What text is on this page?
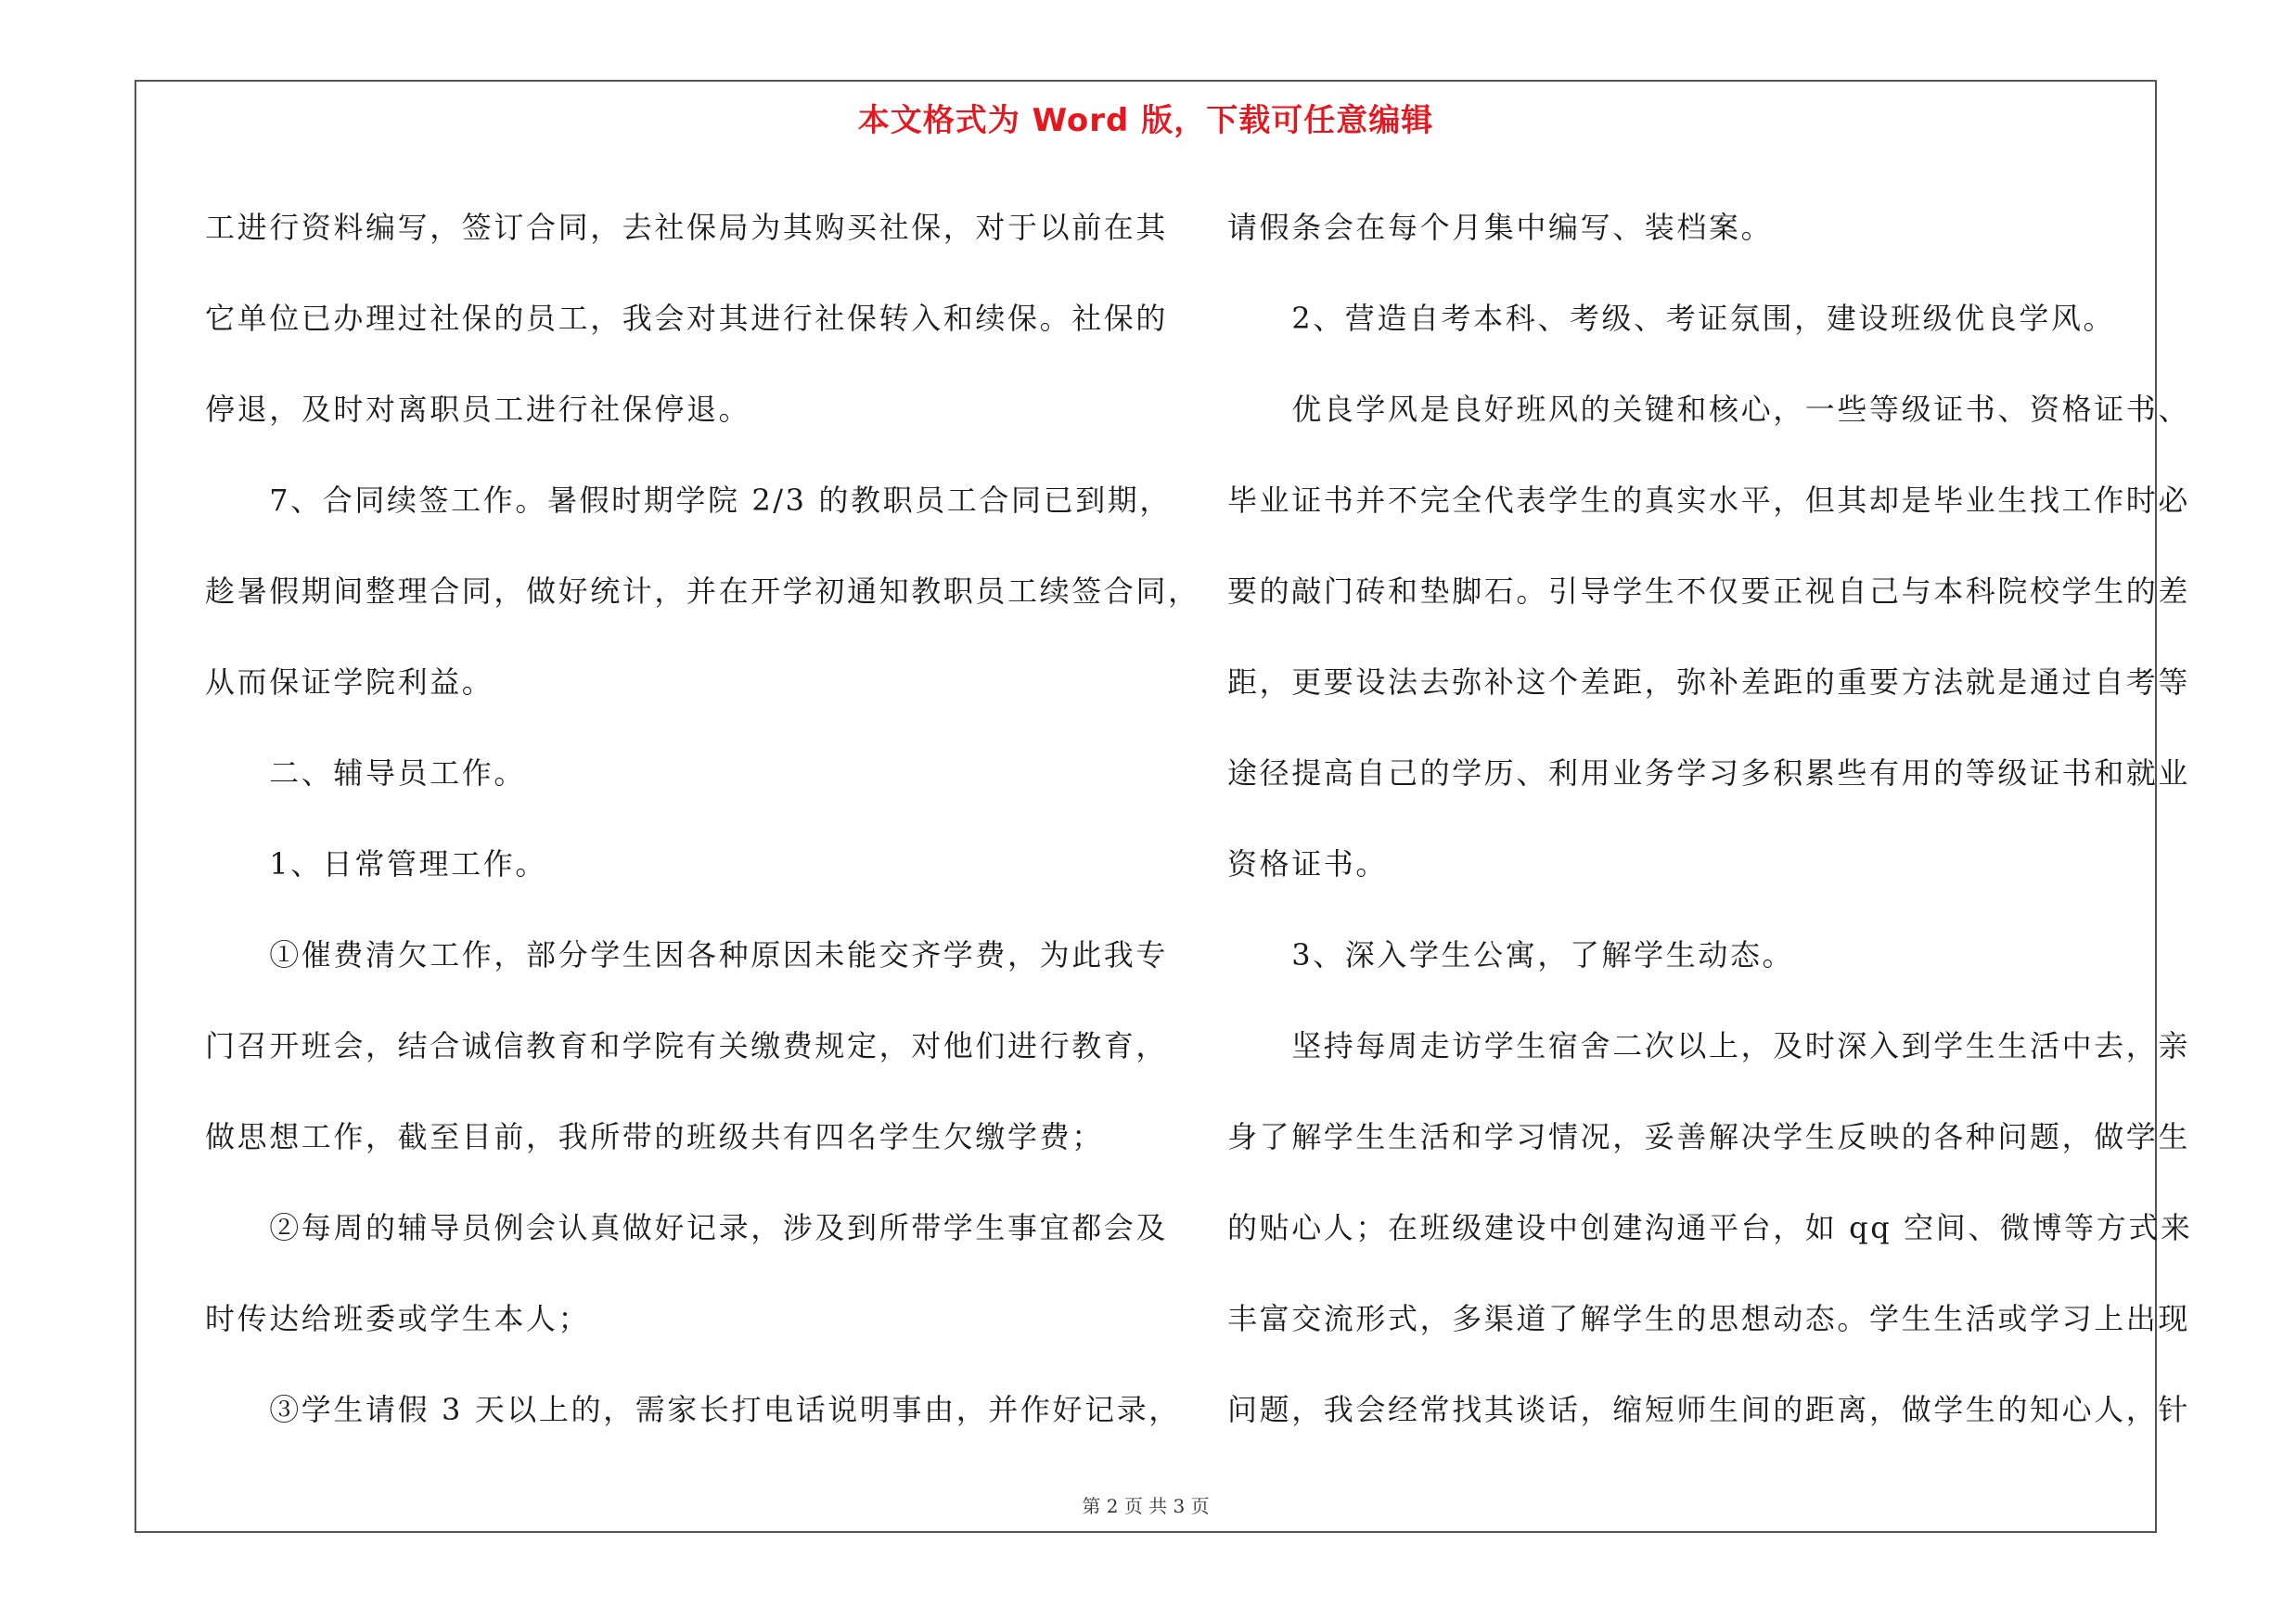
本文格式为 Word 版，下载可任意编辑
工进行资料编写，签订合同，去社保局为其购买社保，对于以前在其
它单位已办理过社保的员工，我会对其进行社保转入和续保。社保的
停退，及时对离职员工进行社保停退。
　　7、合同续签工作。暑假时期学院 2/3 的教职员工合同已到期，
趁暑假期间整理合同，做好统计，并在开学初通知教职员工续签合同，
从而保证学院利益。
　　二、辅导员工作。
　　1、日常管理工作。
　　①催费清欠工作，部分学生因各种原因未能交齐学费，为此我专
门召开班会，结合诚信教育和学院有关缴费规定，对他们进行教育，
做思想工作，截至目前，我所带的班级共有四名学生欠缴学费；
　　②每周的辅导员例会认真做好记录，涉及到所带学生事宜都会及
时传达给班委或学生本人；
　　③学生请假 3 天以上的，需家长打电话说明事由，并作好记录，
请假条会在每个月集中编写、装档案。
　　2、营造自考本科、考级、考证氛围，建设班级优良学风。
　　优良学风是良好班风的关键和核心，一些等级证书、资格证书、
毕业证书并不完全代表学生的真实水平，但其却是毕业生找工作时必
要的敲门砖和垫脚石。引导学生不仅要正视自己与本科院校学生的差
距，更要设法去弥补这个差距，弥补差距的重要方法就是通过自考等
途径提高自己的学历、利用业务学习多积累些有用的等级证书和就业
资格证书。
　　3、深入学生公寓，了解学生动态。
　　坚持每周走访学生宿舍二次以上，及时深入到学生生活中去，亲
身了解学生生活和学习情况，妥善解决学生反映的各种问题，做学生
的贴心人；在班级建设中创建沟通平台，如 qq 空间、微博等方式来
丰富交流形式，多渠道了解学生的思想动态。学生生活或学习上出现
问题，我会经常找其谈话，缩短师生间的距离，做学生的知心人，针
第 2 页 共 3 页
